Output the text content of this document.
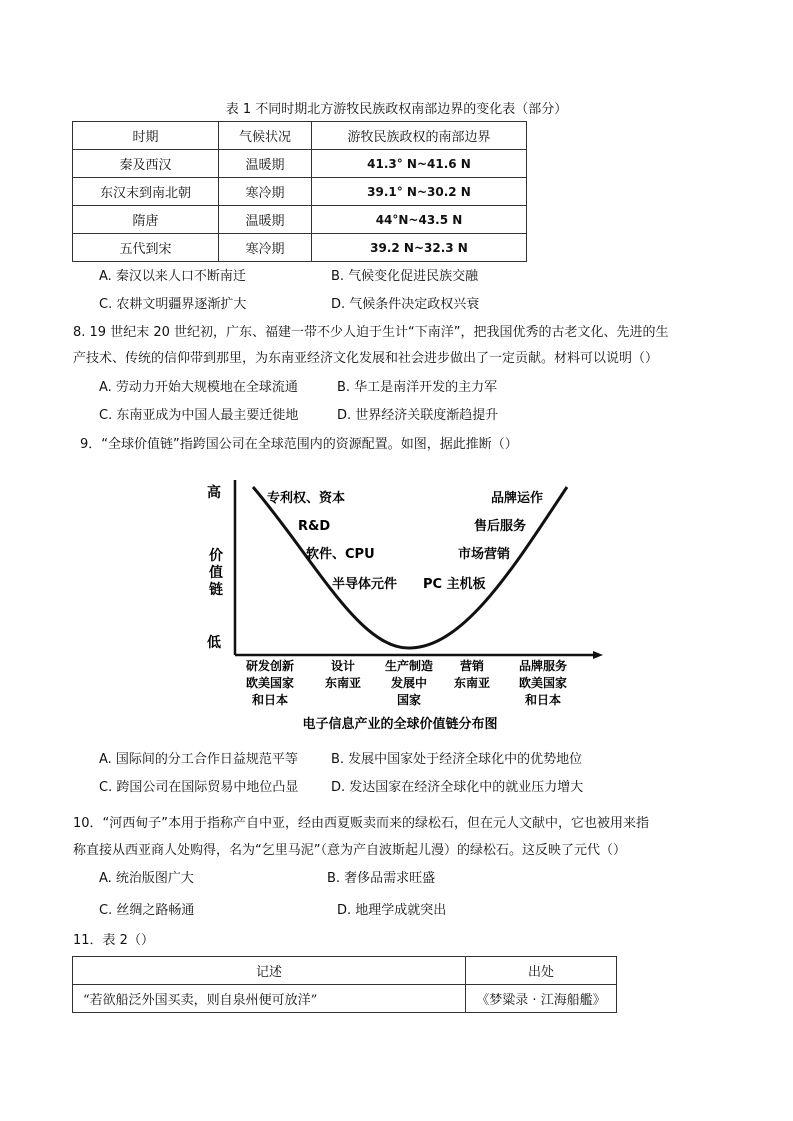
表 1 不同时期北方游牧民族政权南部边界的变化表（部分）
时期	气候状况	游牧民族政权的南部边界
秦及西汉	温暖期	41.3° N~41.6 N
东汉末到南北朝	寒冷期	39.1° N~30.2 N
隋唐	温暖期	44°N~43.5 N
五代到宋	寒冷期	39.2 N~32.3 N
A. 秦汉以来人口不断南迁	B. 气候变化促进民族交融
C. 农耕文明疆界逐渐扩大	D. 气候条件决定政权兴衰
8. 19 世纪末 20 世纪初，广东、福建一带不少人迫于生计“下南洋”，把我国优秀的古老文化、先进的生
产技术、传统的信仰带到那里，为东南亚经济文化发展和社会进步做出了一定贡献。材料可以说明（）
A. 劳动力开始大规模地在全球流通	B. 华工是南洋开发的主力军
C. 东南亚成为中国人最主要迁徙地	D. 世界经济关联度渐趋提升
9．“全球价值链”指跨国公司在全球范围内的资源配置。如图，据此推断（）
高
价
值
链
低
专利权、资本
R&D
软件、CPU
半导体元件
品牌运作
售后服务
市场营销
PC 主机板
研发创新
欧美国家
和日本
设计
东南亚
生产制造
发展中
国家
营销
东南亚
品牌服务
欧美国家
和日本
电子信息产业的全球价值链分布图
A. 国际间的分工合作日益规范平等	B. 发展中国家处于经济全球化中的优势地位
C. 跨国公司在国际贸易中地位凸显	D. 发达国家在经济全球化中的就业压力增大
10．“河西甸子”本用于指称产自中亚，经由西夏贩卖而来的绿松石，但在元人文献中，它也被用来指
称直接从西亚商人处购得，名为“乞里马泥”（意为产自波斯起儿漫）的绿松石。这反映了元代（）
A. 统治版图广大	B. 奢侈品需求旺盛
C. 丝绸之路畅通	D. 地理学成就突出
11．表 2（）
记述	出处
“若欲船泛外国买卖，则自泉州便可放洋”	《梦粱录 · 江海船艦》
